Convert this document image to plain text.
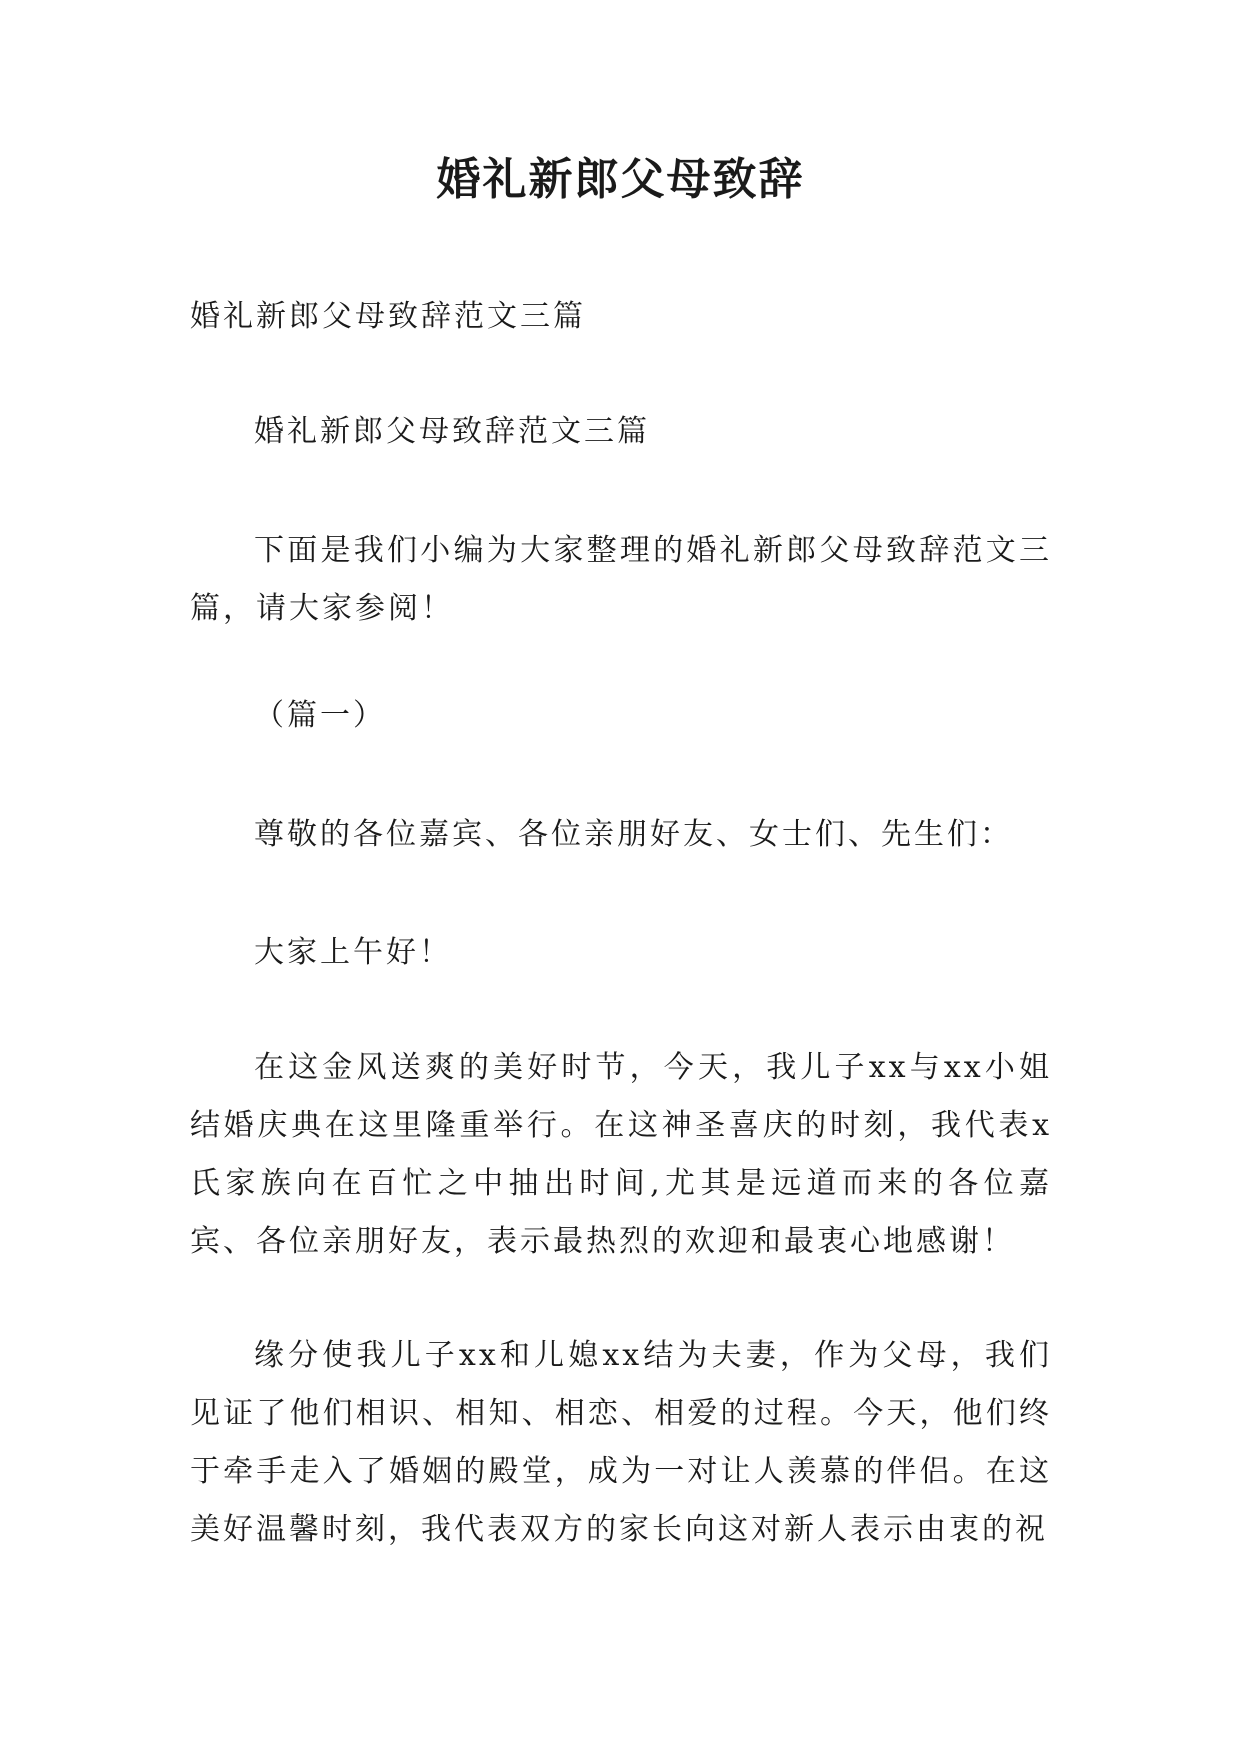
婚礼新郎父母致辞

婚礼新郎父母致辞范文三篇

婚礼新郎父母致辞范文三篇

下面是我们小编为大家整理的婚礼新郎父母致辞范文三篇，请大家参阅！

（篇一）

尊敬的各位嘉宾、各位亲朋好友、女士们、先生们：

大家上午好！

在这金风送爽的美好时节，今天，我儿子xx与xx小姐结婚庆典在这里隆重举行。在这神圣喜庆的时刻，我代表x氏家族向在百忙之中抽出时间,尤其是远道而来的各位嘉宾、各位亲朋好友，表示最热烈的欢迎和最衷心地感谢！

缘分使我儿子xx和儿媳xx结为夫妻，作为父母，我们见证了他们相识、相知、相恋、相爱的过程。今天，他们终于牵手走入了婚姻的殿堂，成为一对让人羡慕的伴侣。在这美好温馨时刻，我代表双方的家长向这对新人表示由衷的祝
